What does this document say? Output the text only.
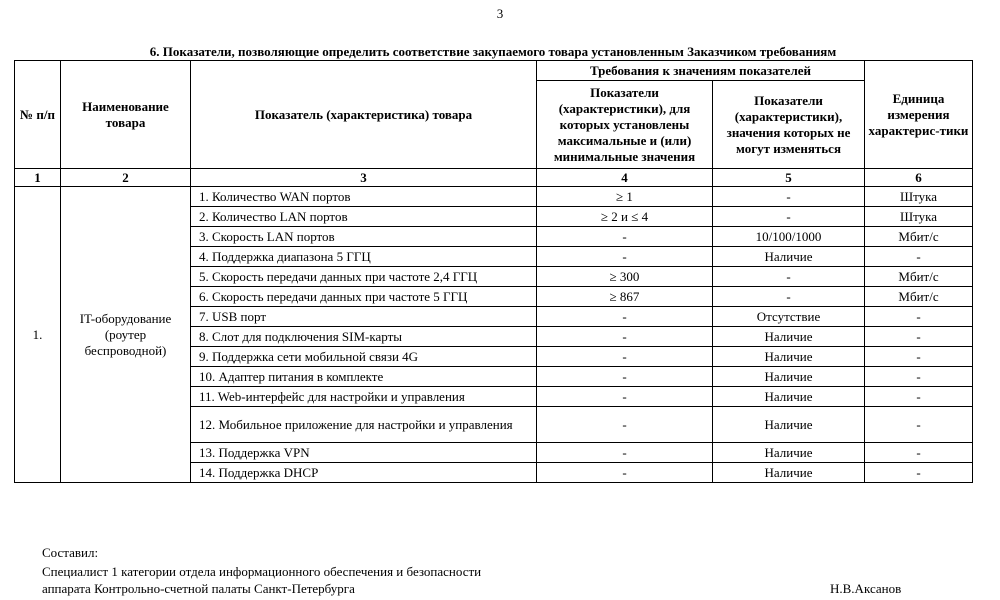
3
6. Показатели, позволяющие определить соответствие закупаемого товара установленным Заказчиком требованиям
№ п/п	Наименование товара	Показатель (характеристика) товара	Требования к значениям показателей		Единица измерения характерис-тики
			Показатели (характеристики), для которых установлены максимальные и (или) минимальные значения	Показатели (характеристики), значения которых не могут изменяться	
1	2	3	4	5	6
1.	IT-оборудование (роутер беспроводной)	1. Количество WAN портов	≥ 1	-	Штука
		2. Количество LAN портов	≥ 2 и ≤ 4	-	Штука
		3. Скорость LAN портов	-	10/100/1000	Мбит/с
		4. Поддержка диапазона 5 ГГЦ	-	Наличие	-
		5. Скорость передачи данных при частоте 2,4 ГГЦ	≥ 300	-	Мбит/с
		6. Скорость передачи данных при частоте 5 ГГЦ	≥ 867	-	Мбит/с
		7. USB порт	-	Отсутствие	-
		8. Слот для подключения SIM-карты	-	Наличие	-
		9. Поддержка сети мобильной связи 4G	-	Наличие	-
		10. Адаптер питания в комплекте	-	Наличие	-
		11. Web-интерфейс для настройки и управления	-	Наличие	-
		12. Мобильное приложение для настройки и управления	-	Наличие	-
		13. Поддержка VPN	-	Наличие	-
		14. Поддержка DHCP	-	Наличие	-
Составил:
Специалист 1 категории отдела информационного обеспечения и безопасности
аппарата Контрольно-счетной палаты Санкт-Петербурга	Н.В.Аксанов
